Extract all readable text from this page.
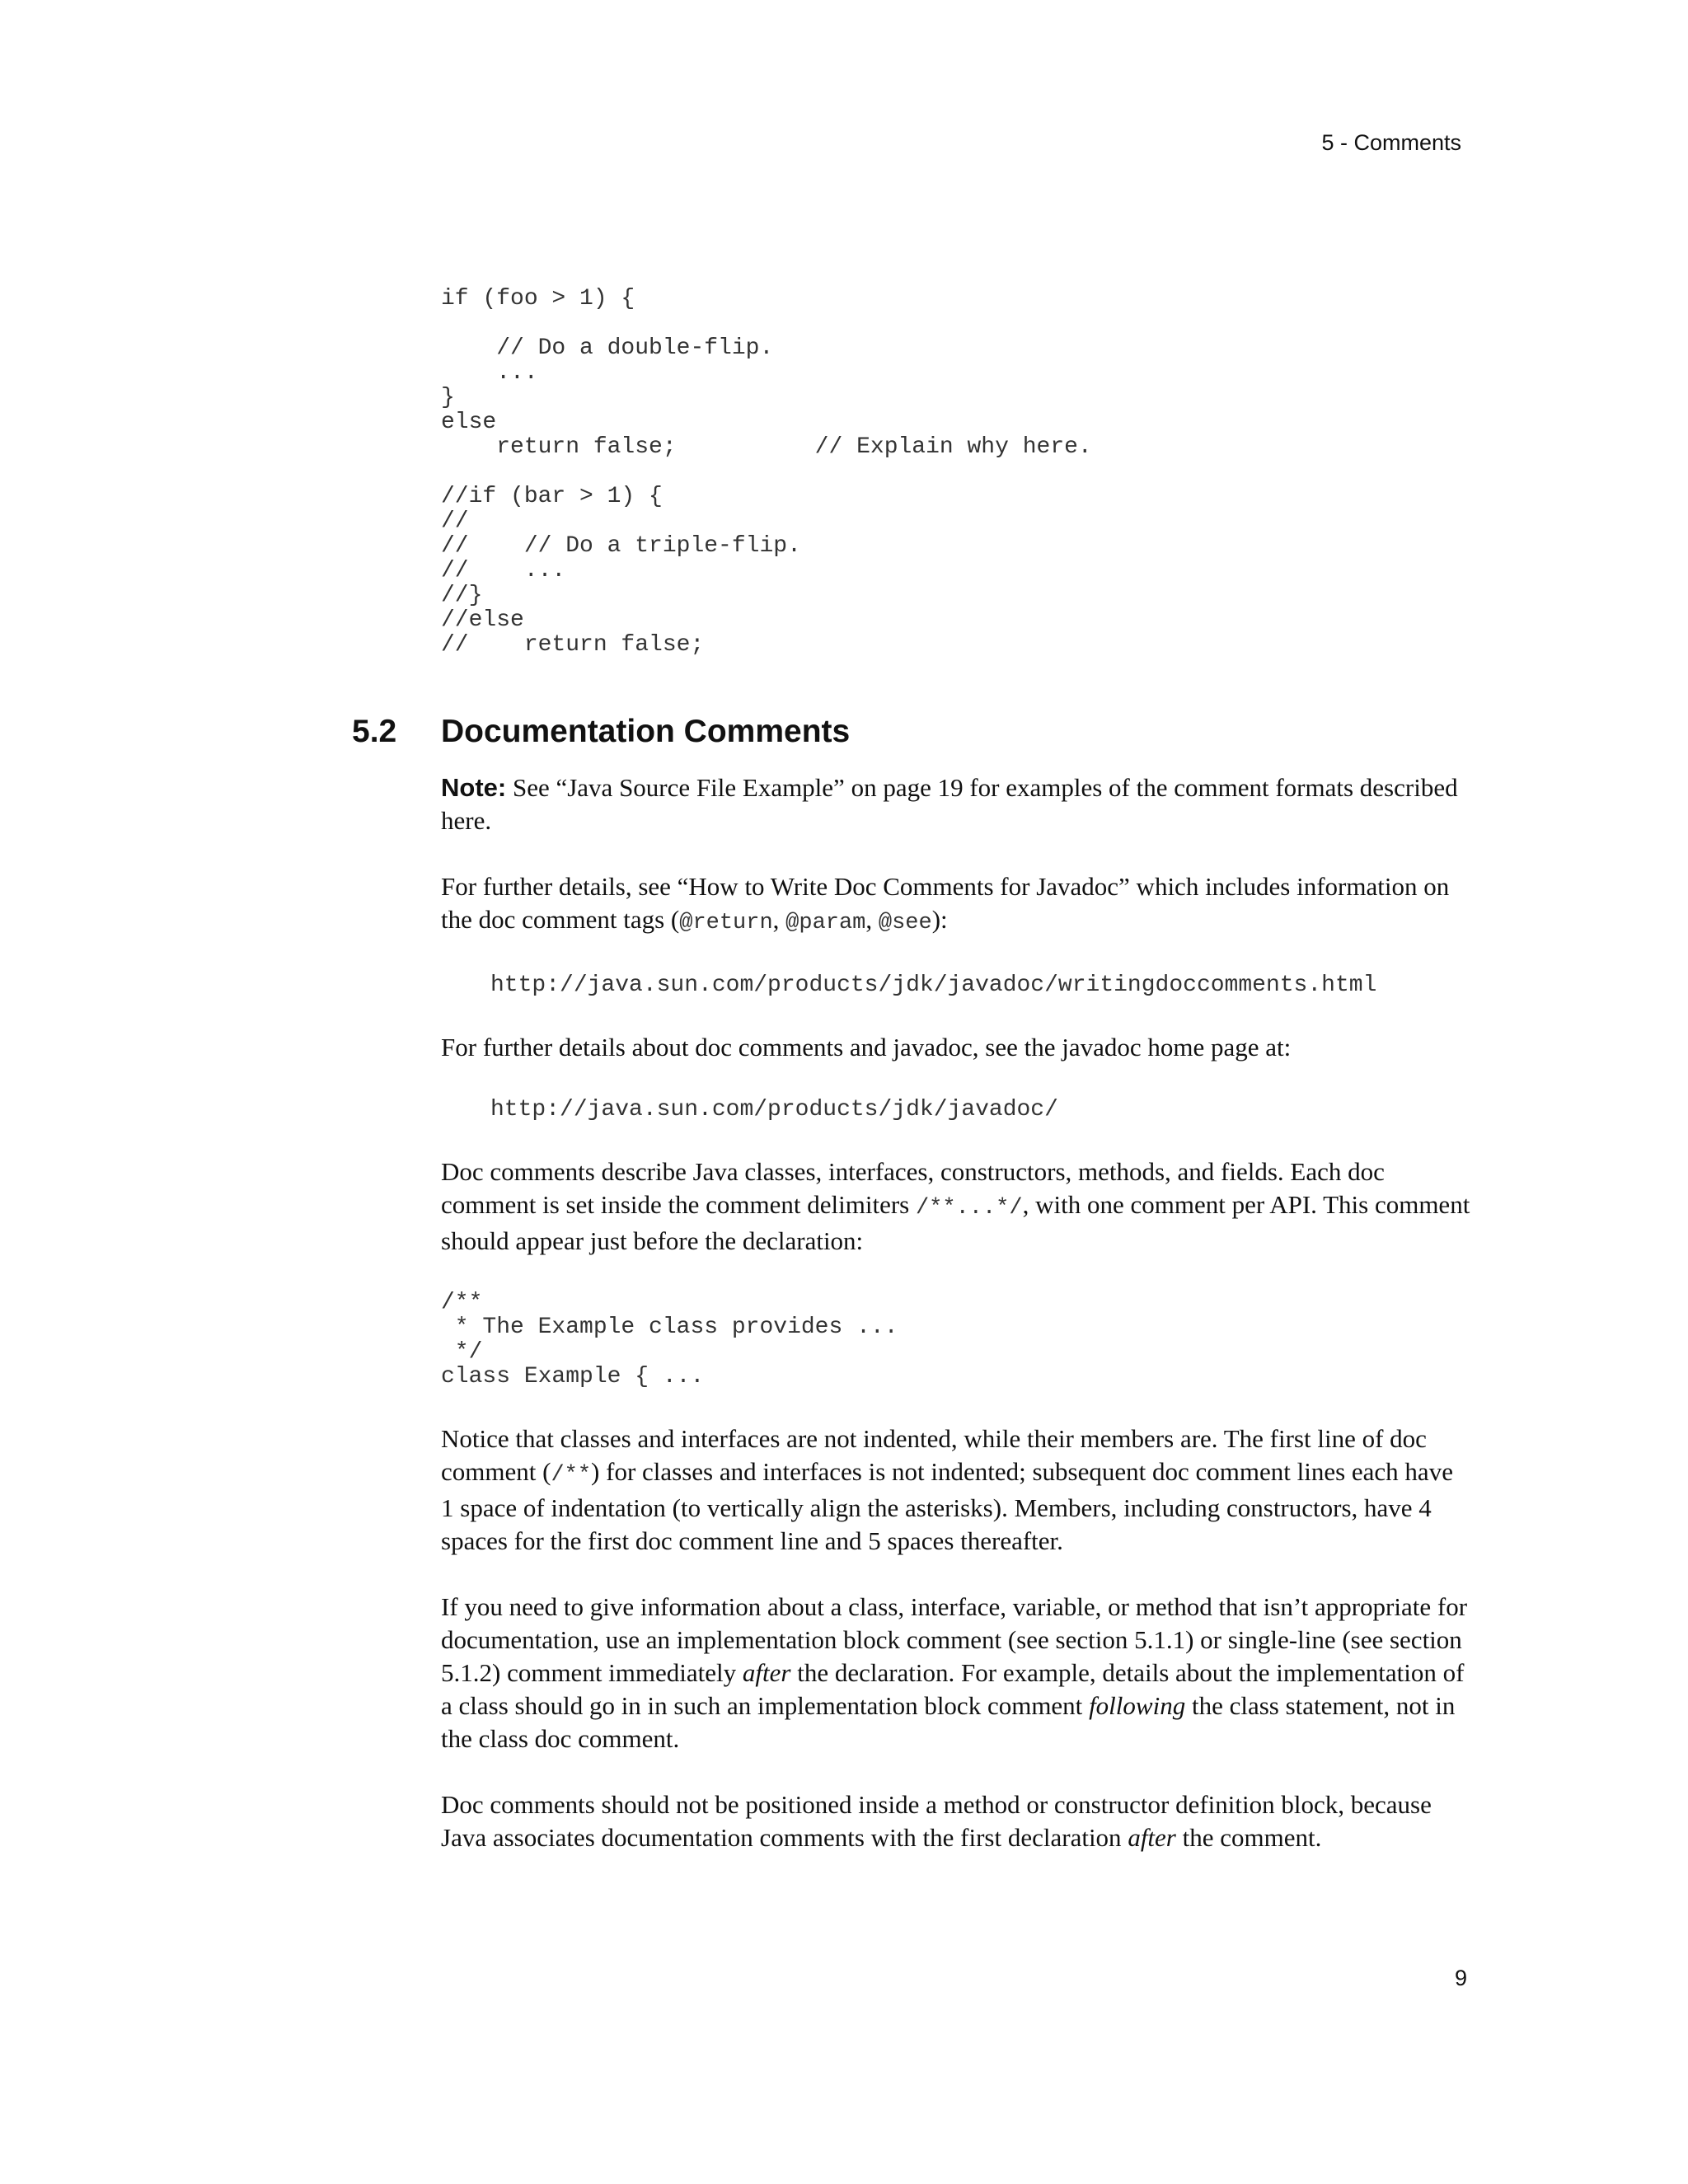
5 - Comments
if (foo > 1) {

// Do a double-flip.
...
}
else
return false;          // Explain why here.

//if (bar > 1) {
//
//    // Do a triple-flip.
//    ...
//}
//else
//    return false;
5.2 Documentation Comments

Note: See “Java Source File Example” on page 19 for examples of the comment formats described here.

For further details, see “How to Write Doc Comments for Javadoc” which includes information on the doc comment tags (@return, @param, @see):

http://java.sun.com/products/jdk/javadoc/writingdoccomments.html

For further details about doc comments and javadoc, see the javadoc home page at:

http://java.sun.com/products/jdk/javadoc/

Doc comments describe Java classes, interfaces, constructors, methods, and fields. Each doc comment is set inside the comment delimiters /**...*/, with one comment per API. This comment should appear just before the declaration:

/**
* The Example class provides ...
*/
class Example { ...

Notice that classes and interfaces are not indented, while their members are. The first line of doc comment (/**) for classes and interfaces is not indented; subsequent doc comment lines each have 1 space of indentation (to vertically align the asterisks). Members, including constructors, have 4 spaces for the first doc comment line and 5 spaces thereafter.

If you need to give information about a class, interface, variable, or method that isn’t appropriate for documentation, use an implementation block comment (see section 5.1.1) or single-line (see section 5.1.2) comment immediately after the declaration. For example, details about the implementation of a class should go in in such an implementation block comment following the class statement, not in the class doc comment.

Doc comments should not be positioned inside a method or constructor definition block, because Java associates documentation comments with the first declaration after the comment.

9
